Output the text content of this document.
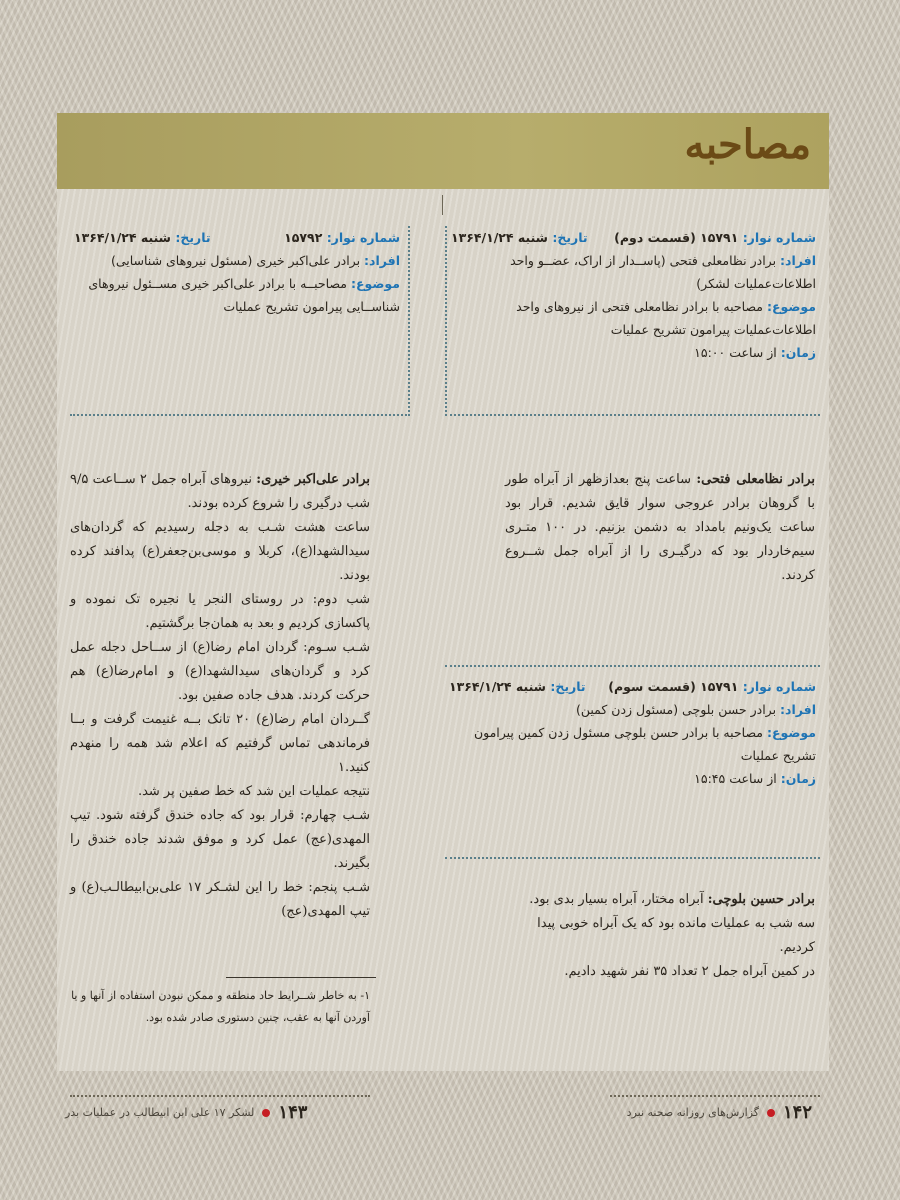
مصاحبه
شماره نوار: ۱۵۷۹۱ (قسمت دوم)
تاریخ: شنبه ۱۳۶۴/۱/۲۴
افراد: برادر نظامعلی فتحی (پاســدار از اراک، عضــو واحد اطلاعات‌عملیات لشکر)
موضوع: مصاحبه با برادر نظامعلی فتحی از نیروهای واحد اطلاعات‌عملیات پیرامون تشریح عملیات
زمان: از ساعت ۱۵:۰۰

برادر نظامعلی فتحی: ساعت پنج بعدازظهر از آبراه طور با گروهان برادر عروجی سوار قایق شدیم. قرار بود ساعت یک‌ونیم بامداد به دشمن بزنیم. در ۱۰۰ متـری سیم‌خاردار بود که درگیـری را از آبراه جمل شــروع کردند.

شماره نوار: ۱۵۷۹۱ (قسمت سوم)
تاریخ: شنبه ۱۳۶۴/۱/۲۴
افراد: برادر حسن بلوچی (مسئول زدن کمین)
موضوع: مصاحبه با برادر حسن بلوچی مسئول زدن کمین پیرامون تشریح عملیات
زمان: از ساعت ۱۵:۴۵

برادر حسین بلوچی: آبراه مختار، آبراه بسیار بدی بود.

سه شب به عملیات مانده بود که یک آبراه خوبی پیدا کردیم.

در کمین آبراه جمل ۲ تعداد ۳۵ نفر شهید دادیم.

شماره نوار: ۱۵۷۹۲
تاریخ: شنبه ۱۳۶۴/۱/۲۴
افراد: برادر علی‌اکبر خیری (مسئول نیروهای شناسایی)
موضوع: مصاحبــه با برادر علی‌اکبر خیری مســئول نیروهای شناســایی پیرامون تشریح عملیات

برادر علی‌اکبر خیری: نیروهای آبراه جمل ۲ ســاعت ۹/۵ شب درگیری را شروع کرده بودند.

ساعت هشت شـب به دجله رسیدیم که گردان‌های سیدالشهدا(ع)، کربلا و موسی‌بن‌جعفر(ع) پدافند کرده بودند.

شب دوم: در روستای النجر یا نجیره تک نموده و پاکسازی کردیم و بعد به همان‌جا برگشتیم.

شـب سـوم: گردان امام رضا(ع) از ســاحل دجله عمل کرد و گردان‌های سیدالشهدا(ع) و امام‌رضا(ع) هم حرکت کردند. هدف جاده صفین بود.

گــردان امام رضا(ع) ۲۰ تانک بــه غنیمت گرفت و بــا فرماندهی تماس گرفتیم که اعلام شد همه را منهدم کنید.۱

نتیجه عملیات این شد که خط صفین پر شد.

شـب چهارم: قرار بود که جاده خندق گرفته شود. تیپ المهدی(عج) عمل کرد و موفق شدند جاده خندق را بگیرند.

شـب پنجم: خط را این لشـکر ۱۷ علی‌بن‌ابیطالـب(ع) و تیپ المهدی(عج)

۱- به خاطر شــرایط حاد منطقه و ممکن نبودن استفاده از آنها و یا آوردن آنها به عقب، چنین دستوری صادر شده بود.
۱۴۲
گزارش‌های روزانه صحنه نبرد
لشکر ۱۷ علی ابن ابیطالب در عملیات بدر ۱۴۳
